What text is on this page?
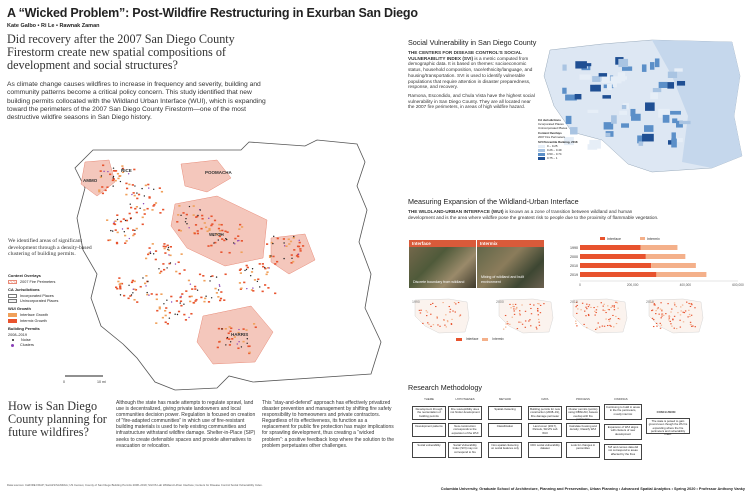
A “Wicked Problem”: Post-Wildfire Restructuring in Exurban San Diego
Kate Galbo • Ri Le • Rawnak Zaman
Did recovery after the 2007 San Diego County Firestorm create new spatial compositions of development and social structures?
As climate change causes wildfires to increase in frequency and severity, building and community patterns become a critical policy concern. This study identified that new building permits collocated with the Wildland Urban Interface (WUI), which is expanding toward the perimeters of the 2007 San Diego County Firestorm—one of the most destructive wildfire seasons in San Diego history.
AMMO
RICE	POOMACHA
WITCH
HARRIS
0	10 mi
We identified areas of significant development through a density-based clustering of building permits.
Context Overlays
2007 Fire Perimeters
CA Jurisdictions
Incorporated Places
Unincorporated Places
WUI Growth
Interface Growth
Intermix Growth
Building Permits
2008–2019
Noise
Clusters
How is San Diego County planning for future wildfires?
Although the state has made attempts to regulate sprawl, land use is decentralized, giving private landowners and local communities decision power. Regulation is focused on creation of “fire-adapted communities” in which use of fire-resistant building materials is used to help existing communities and infrastructure withstand wildfire damage. Shelter-in-Place (SIP) seeks to create defensible spaces and provide alternatives to evacuation or relocation.
This “stay-and-defend” approach has effectively privatized disaster prevention and management by shifting fire safety responsibility to homeowners and private contractors. Regardless of its effectiveness, its function as a replacement for public fire protection has major implications for sprawling development, thus creating a “wicked problem”: a positive feedback loop where the solution to the problem perpetuates other challenges.
Data sources: CalFIRE FRAP; SanGIS/SANDAG; US Census; County of San Diego Building Permits 2008–2019; SILVIS Lab Wildland-Urban Interface; Centers for Disease Control Social Vulnerability Index.
Social Vulnerability in San Diego County
THE CENTERS FOR DISEASE CONTROL’S SOCIAL VULNERABILITY INDEX (SVI) is a metric computed from demographic data. It is based on themes: socioeconomic status, household composition, race/ethnicity/language, and housing/transportation. SVI is used to identify vulnerable populations that require attention in disaster preparedness, response, and recovery.
Ramona, Escondido, and Chula Vista have the highest social vulnerability in San Diego County. They are all located near the 2007 fire perimeters, in areas of high wildfire hazard.
CA Jurisdictions
Incorporated Places
Unincorporated Places
Context Overlays
2007 Fire Perimeters
SVI Percentile Ranking, 2018
0 – 0.25
0.26 – 0.49
0.50 – 0.74
0.75 – 1
Measuring Expansion of the Wildland-Urban Interface
THE WILDLAND-URBAN INTERFACE (WUI) is known as a zone of transition between wildland and human development and is the area where wildfire pose the greatest risk to people due to the proximity of flammable vegetation.
Interface
Discrete boundary from wildland
Intermix
Mixing of wildland and built environment
Interface	Intermix
1990
2000
2010
2019
0	200,000	400,000	600,000
1990	2000	2010	2019
Interface	Intermix
Research Methodology
THEME	HYPOTHESES	METHOD	DATA	PROCESS	FINDINGS
Development through the reorientation of building permits
Fire susceptibility does not hinder development
Spatial clustering	Building permits for new construction (2008–19), Fire damage perimeter
Cluster permits (points) using DBSCAN; Assess overlap with fire perimeters
Development patterns	New construction corresponds to the expansion of the WUI
Classification	Land cover (2017), Parcels, SILVIS Lab WUI
Calculate housing and density; Classify WUI
Social vulnerability	Social Vulnerability Index (SVI) may not correspond to fire
Non-spatial clustering on social features only
CDC social vulnerability dataset
Look for changes in percentiles
Continuing to build in areas in the fire perimeters, mostly intermix
Expansion of WUI aligns with clusters of new development
SVI and census data did not correspond to areas affected by the fires
CONCLUSION
The state is poised to gain ground even though the WUI is expanding where the fire perimeters and vulnerability meet.
Columbia University, Graduate School of Architecture, Planning and Preservation, Urban Planning • Advanced Spatial Analytics • Spring 2020 • Professor Anthony Vanky
